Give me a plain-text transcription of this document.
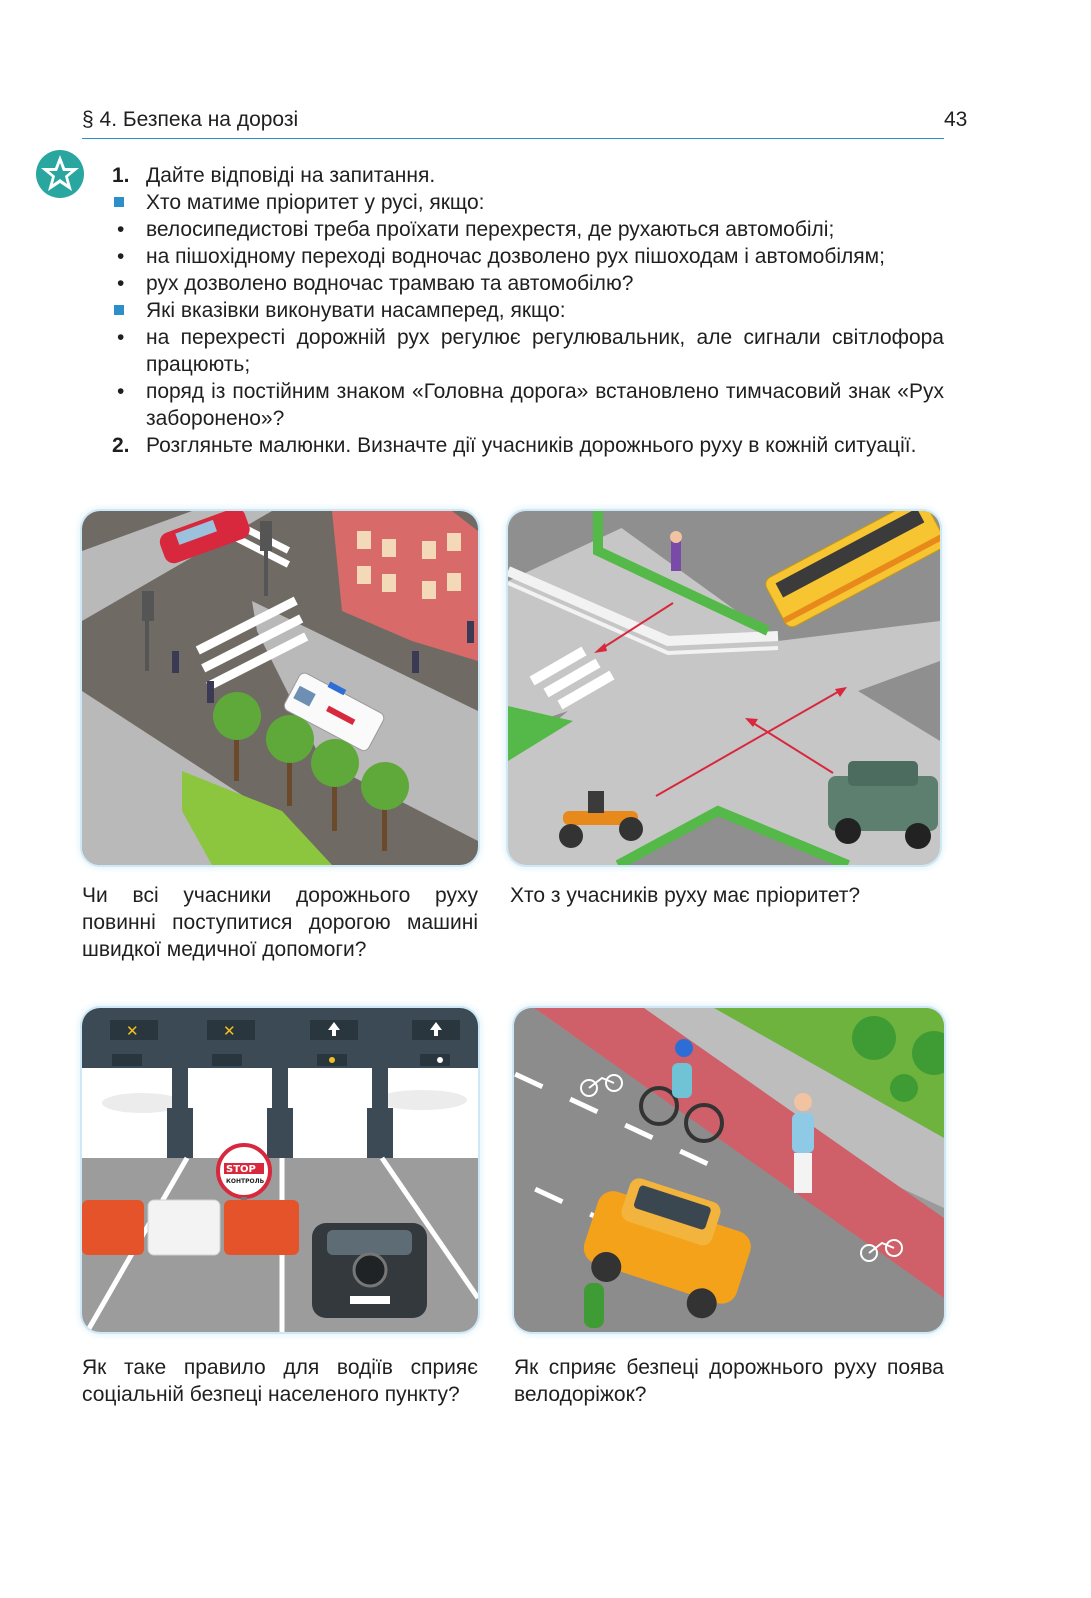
§ 4. Безпека на дорозі	43
1. Дайте відповіді на запитання.
Хто матиме пріоритет у русі, якщо:
• велосипедистові треба проїхати перехрестя, де рухаються автомобілі;
• на пішохідному переході водночас дозволено рух пішоходам і автомобілям;
• рух дозволено водночас трамваю та автомобілю?
Які вказівки виконувати насамперед, якщо:
• на перехресті дорожній рух регулює регулювальник, але сигнали світлофора працюють;
• поряд із постійним знаком «Головна дорога» встановлено тимчасовий знак «Рух заборонено»?
2. Розгляньте малюнки. Визначте дії учасників дорожнього руху в кожній ситуації.
Чи всі учасники дорожнього руху повинні поступитися дорогою машині швидкої медичної допомоги?
Хто з учасників руху має пріоритет?
✕	✕
STOP
КОНТРОЛЬ
Як таке правило для водіїв сприяє соціальній безпеці населеного пункту?
Як сприяє безпеці дорожнього руху поява велодоріжок?
